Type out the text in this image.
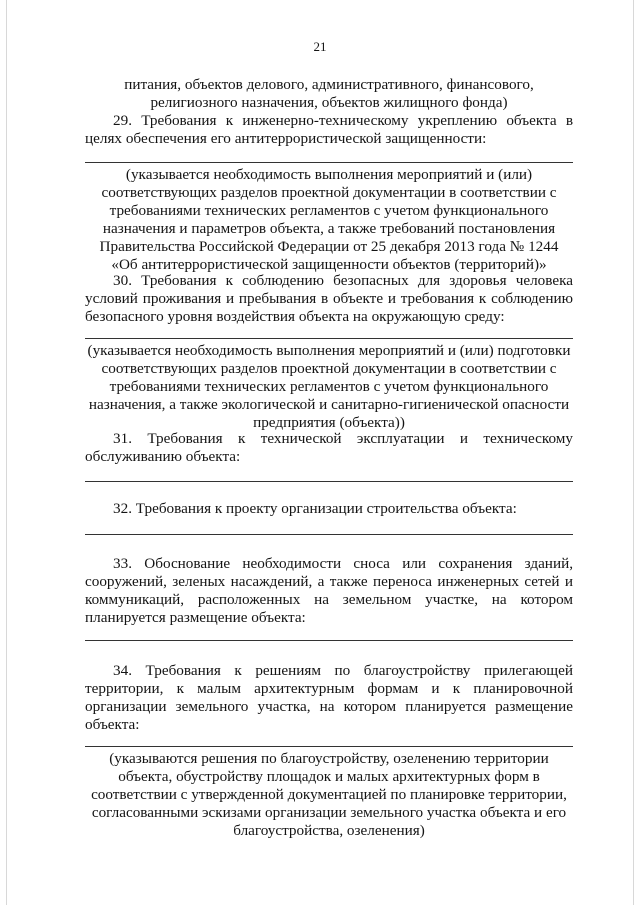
21
питания, объектов делового, административного, финансового, религиозного назначения, объектов жилищного фонда)
29. Требования к инженерно-техническому укреплению объекта в целях обеспечения его антитеррористической защищенности:
(указывается необходимость выполнения мероприятий и (или) соответствующих разделов проектной документации в соответствии с требованиями технических регламентов с учетом функционального назначения и параметров объекта, а также требований постановления Правительства Российской Федерации от 25 декабря 2013 года № 1244 «Об антитеррористической защищенности объектов (территорий)»
30. Требования к соблюдению безопасных для здоровья человека условий проживания и пребывания в объекте и требования к соблюдению безопасного уровня воздействия объекта на окружающую среду:
(указывается необходимость выполнения мероприятий и (или) подготовки соответствующих разделов проектной документации в соответствии с требованиями технических регламентов с учетом функционального назначения, а также экологической и санитарно-гигиенической опасности предприятия (объекта))
31. Требования к технической эксплуатации и техническому обслуживанию объекта:
32. Требования к проекту организации строительства объекта:
33. Обоснование необходимости сноса или сохранения зданий, сооружений, зеленых насаждений, а также переноса инженерных сетей и коммуникаций, расположенных на земельном участке, на котором планируется размещение объекта:
34. Требования к решениям по благоустройству прилегающей территории, к малым архитектурным формам и к планировочной организации земельного участка, на котором планируется размещение объекта:
(указываются решения по благоустройству, озеленению территории объекта, обустройству площадок и малых архитектурных форм в соответствии с утвержденной документацией по планировке территории, согласованными эскизами организации земельного участка объекта и его благоустройства, озеленения)
